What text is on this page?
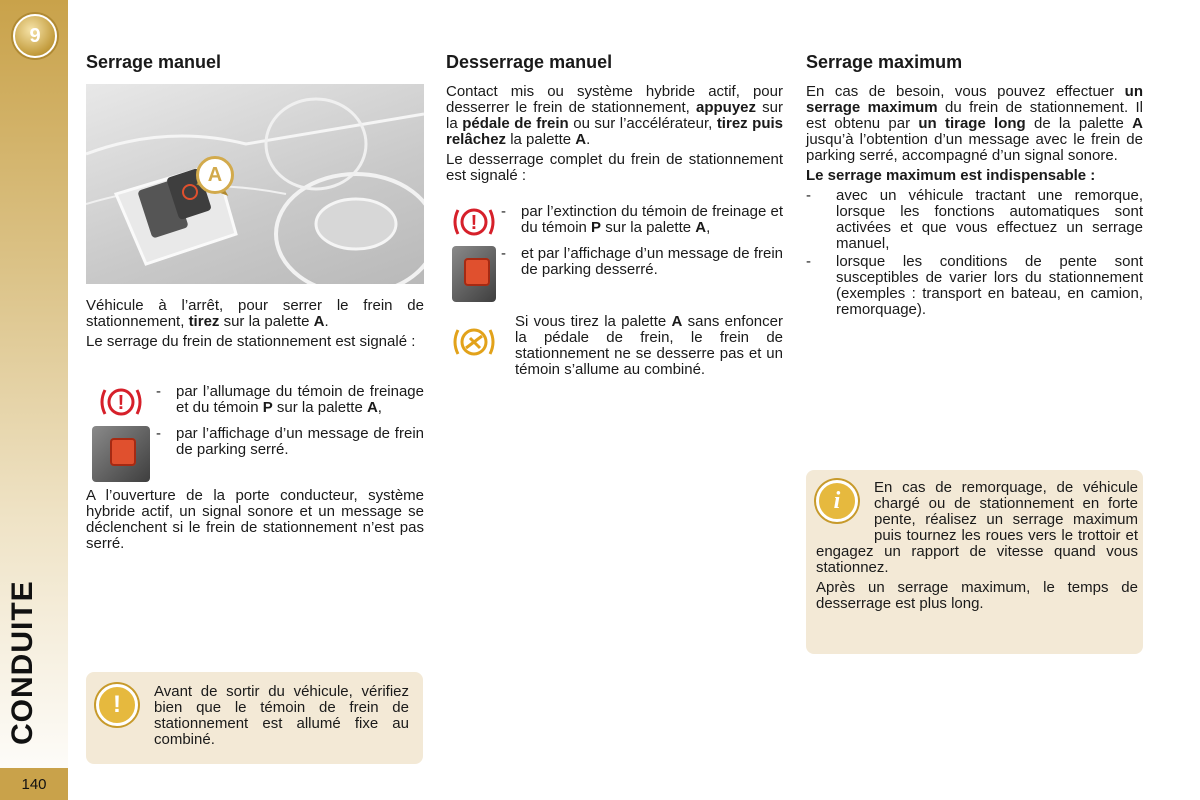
9
CONDUITE
140
Serrage manuel
A

Véhicule à l’arrêt, pour serrer le frein de stationnement, tirez sur la palette A.

Le serrage du frein de stationnement est signalé :

!
-	par l’allumage du témoin de freinage et du témoin P sur la palette A,
-	par l’affichage d’un message de frein de parking serré.

A l’ouverture de la porte conducteur, système hybride actif, un signal sonore et un message se déclenchent si le frein de stationnement n’est pas serré.

!	Avant de sortir du véhicule, vérifiez bien que le témoin de frein de stationnement est allumé fixe au combiné.
Desserrage manuel

Contact mis ou système hybride actif, pour desserrer le frein de stationnement, appuyez sur la pédale de frein ou sur l’accélérateur, tirez puis relâchez la palette A.

Le desserrage complet du frein de stationnement est signalé :

!
-	par l’extinction du témoin de freinage et du témoin P sur la palette A,
-	et par l’affichage d’un message de frein de parking desserré.
Si vous tirez la palette A sans enfoncer la pédale de frein, le frein de stationnement ne se desserre pas et un témoin s’allume au combiné.
Serrage maximum

En cas de besoin, vous pouvez effectuer un serrage maximum du frein de stationnement. Il est obtenu par un tirage long de la palette A jusqu’à l’obtention d’un message avec le frein de parking serré, accompagné d’un signal sonore.

Le serrage maximum est indispensable :

-	avec un véhicule tractant une remorque, lorsque les fonctions automatiques sont activées et que vous effectuez un serrage manuel,
-	lorsque les conditions de pente sont susceptibles de varier lors du stationnement (exemples : transport en bateau, en camion, remorquage).
i

En cas de remorquage, de véhicule chargé ou de stationnement en forte pente, réalisez un serrage maximum puis tournez les roues vers le trottoir et engagez un rapport de vitesse quand vous stationnez.

Après un serrage maximum, le temps de desserrage est plus long.
